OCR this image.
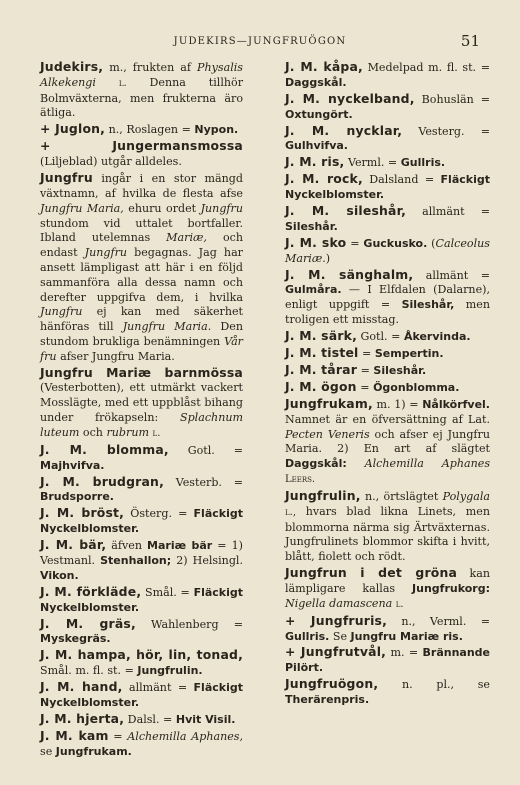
JUDEKIRS—JUNGFRUÖGON	51

Judekirs, m., frukten af Physalis Alkekengi l. Denna tillhör Bolmväxterna, men frukterna äro ätliga.

+ Juglon, n., Roslagen = Nypon.

+ Jungermansmossa (Liljeblad) utgår alldeles.

Jungfru ingår i en stor mängd växtnamn, af hvilka de flesta afse Jungfru Maria, ehuru ordet Jungfru stundom vid uttalet bortfaller. Ibland utelemnas Mariæ, och endast Jungfru begagnas. Jag har ansett lämpligast att här i en följd sammanföra alla dessa namn och derefter uppgifva dem, i hvilka Jungfru ej kan med säkerhet hänföras till Jungfru Maria. Den stundom brukliga benämningen Vår fru afser Jungfru Maria.

Jungfru Mariæ barnmössa (Vesterbotten), ett utmärkt vackert Mosslägte, med ett uppblåst bihang under frökapseln: Splachnum luteum och rubrum l.

J. M. blomma, Gotl. = Majhvifva.

J. M. brudgran, Vesterb. = Brudsporre.

J. M. bröst, Österg. = Fläckigt Nyckelblomster.

J. M. bär, äfven Mariæ bär = 1) Vestmanl. Stenhallon; 2) Helsingl. Vikon.

J. M. förkläde, Smål. = Fläckigt Nyckelblomster.

J. M. gräs, Wahlenberg = Myskegräs.

J. M. hampa, hör, lin, tonad, Smål. m. fl. st. = Jungfrulin.

J. M. hand, allmänt = Fläckigt Nyckelblomster.

J. M. hjerta, Dalsl. = Hvit Visil.

J. M. kam = Alchemilla Aphanes, se Jungfrukam.

J. M. kåpa, Medelpad m. fl. st. = Daggskål.

J. M. nyckelband, Bohuslän = Oxtungört.

J. M. nycklar, Vesterg. = Gulhvifva.

J. M. ris, Verml. = Gullris.

J. M. rock, Dalsland = Fläckigt Nyckelblomster.

J. M. sileshår, allmänt = Sileshår.

J. M. sko = Guckusko. (Calceolus Mariæ.)

J. M. sänghalm, allmänt = Gulmåra. — I Elfdalen (Dalarne), enligt uppgift = Sileshår, men troligen ett misstag.

J. M. särk, Gotl. = Åkervinda.

J. M. tistel = Sempertin.

J. M. tårar = Sileshår.

J. M. ögon = Ögonblomma.

Jungfrukam, m. 1) = Nålkörfvel. Namnet är en öfversättning af Lat. Pecten Veneris och afser ej Jungfru Maria. 2) En art af slägtet Daggskål: Alchemilla Aphanes Leers.

Jungfrulin, n., örtslägtet Polygala l., hvars blad likna Linets, men blommorna närma sig Ärtväxternas. Jungfrulinets blommor skifta i hvitt, blått, fiolett och rödt.

Jungfrun i det gröna kan lämpligare kallas Jungfrukorg: Nigella damascena l.

+ Jungfruris, n., Verml. = Gullris. Se Jungfru Mariæ ris.

+ Jungfrutvål, m. = Brännande Pilört.

Jungfruögon, n. pl., se Therärenpris.
